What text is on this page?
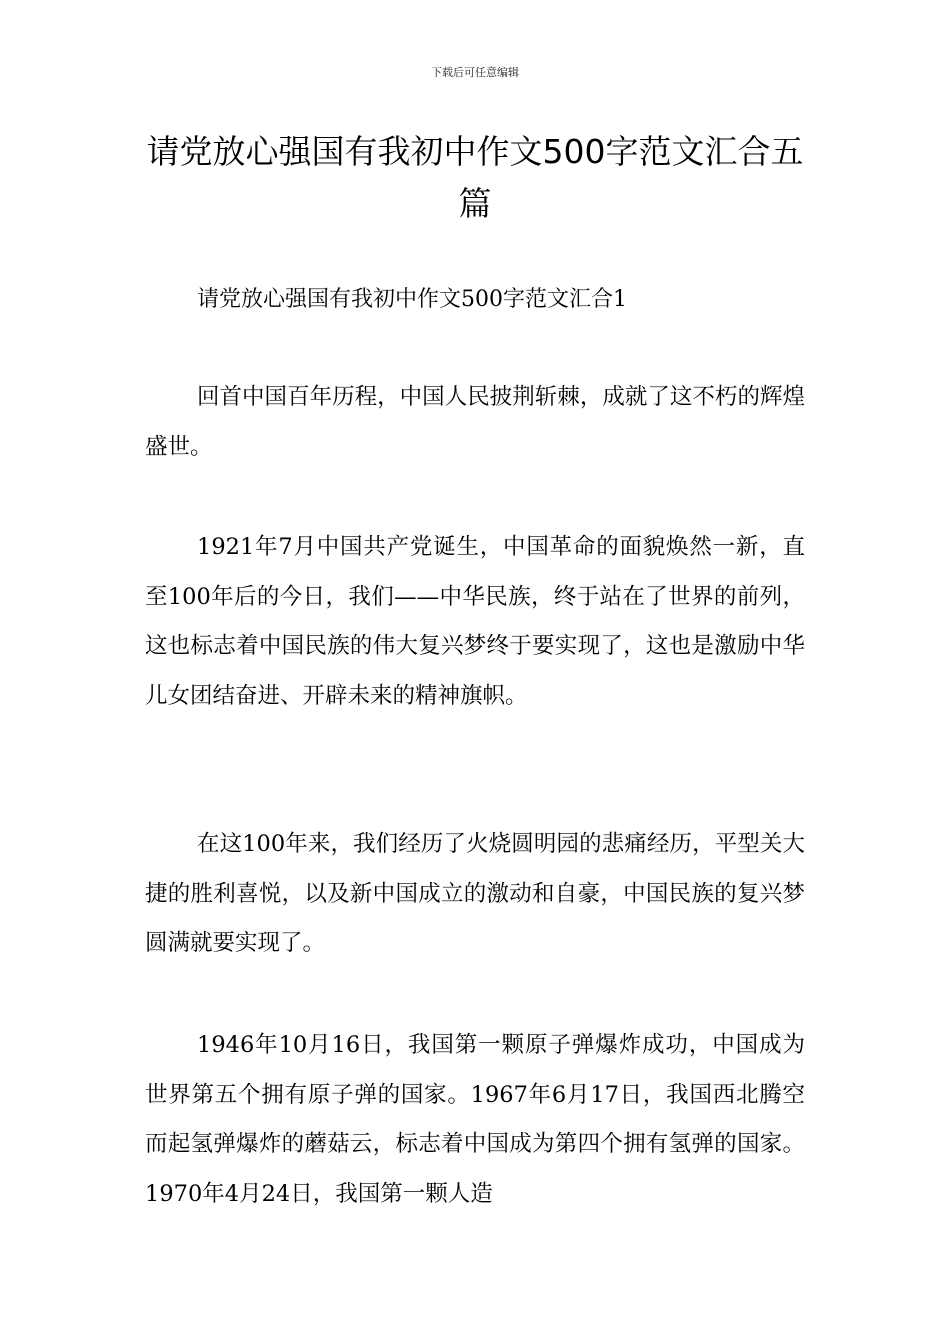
下载后可任意编辑
请党放心强国有我初中作文500字范文汇合五篇

请党放心强国有我初中作文500字范文汇合1

回首中国百年历程，中国人民披荆斩棘，成就了这不朽的辉煌盛世。

1921年7月中国共产党诞生，中国革命的面貌焕然一新，直至100年后的今日，我们——中华民族，终于站在了世界的前列，这也标志着中国民族的伟大复兴梦终于要实现了，这也是激励中华儿女团结奋进、开辟未来的精神旗帜。

在这100年来，我们经历了火烧圆明园的悲痛经历，平型关大捷的胜利喜悦，以及新中国成立的激动和自豪，中国民族的复兴梦圆满就要实现了。

1946年10月16日，我国第一颗原子弹爆炸成功，中国成为世界第五个拥有原子弹的国家。1967年6月17日，我国西北腾空而起氢弹爆炸的蘑菇云，标志着中国成为第四个拥有氢弹的国家。1970年4月24日，我国第一颗人造
